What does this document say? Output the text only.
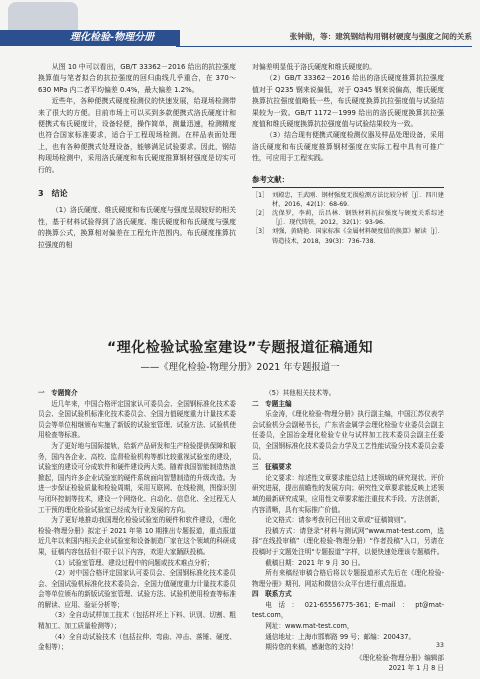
理化检验-物理分册	张钟勋，等：建筑钢结构用钢材硬度与强度之间的关系

从图 10 中可以看出，GB/T 33362－2016 给出的抗拉强度换算值与笔者拟合的抗拉强度的回归曲线几乎重合，在 370～630 MPa 内二者平均偏差 0.4%，最大偏差 1.2%。

近些年，各种便携式硬度检测仪的快速发展，给现场检测带来了很大的方便。目前市场上可以买到多款便携式洛氏硬度计和便携式布氏硬度计，设备轻便，操作简单，测量迅速，检测精度也符合国家标准要求，适合于工程现场检测。在样品表面处理上，也有各种便携式处理设备，能够满足试验要求。因此，钢结构现场检测中，采用洛氏硬度和布氏硬度推算钢材强度是切实可行的。

3　结论

（1）洛氏硬度、维氏硬度和布氏硬度与强度呈现较好的相关性，基于材料试验得到了洛氏硬度、维氏硬度和布氏硬度与强度的换算公式，换算相对偏差在工程允许范围内。布氏硬度推算抗拉强度的相

对偏差明显低于洛氏硬度和维氏硬度的。

（2）GB/T 33362－2016 给出的洛氏硬度推算抗拉强度值对于 Q235 钢来说偏低，对于 Q345 钢来说偏高，维氏硬度换算抗拉强度值略低一些，布氏硬度换算抗拉强度值与试验结果较为一致。GB/T 1172－1999 给出的洛氏硬度换算抗拉强度值和维氏硬度换算抗拉强度值与试验结果较为一致。

（3）结合现有便携式硬度检测仪器及样品处理设备，采用洛氏硬度和布氏硬度推算钢材强度在实际工程中具有可推广性，可应用于工程实践。

参考文献：
［1］ 刘殿忠，王武刚．钢材强度无损检测方法比较分析［J］．四川建材，2016，42(1)：68-69．
［2］ 沈保罗，李莉，岳昌林．钢铁材料抗拉强度与硬度关系综述［J］．现代铸铁，2012，32(1)：93-96．
［3］ 刘强，黄晓艳．国家标准《金属材料硬度值的换算》解读［J］．铸造技术，2018，39(3)：736-738．
“理化检验试验室建设”专题报道征稿通知
——《理化检验-物理分册》2021 年专题报道一
一　专题简介
近几年来，中国合格评定国家认可委员会、全国钢标准化技术委员会、全国试验机标准化技术委员会、全国力值硬度重力计量技术委员会等单位相继颁布实施了新版的试验室管理、试验方法、试验机使用检查等标准。
为了更好地与国际接轨，给新产品研发和生产检验提供保障和服务，国内各企业、高校、监督检验机构等都比较重视试验室的建设，试验室的建设可分成软件和硬件建设两大类。随着我国智能制造热浪掀起，国内许多企业试验室的硬件系统面向智慧制造的升级改造。为进一步保证检验质量和检验周期，采用互联网、在线检测，图像识别与闭环控制等技术，建设一个网络化、自动化、信息化、全过程无人工干预的理化检验试验室已经成为行业发展的方向。
为了更好地推动我国理化检验试验室的硬件和软件建设，《理化检验-物理分册》拟定于 2021 年第 10 期推出专题报道，重点报道近几年以来国内相关企业试验室和设备制造厂家在这个领域的科研成果，征稿内容包括但不限于以下内容，欢迎大家踊跃投稿。
（1）试验室管理、建设过程中的问题或技术难点分析；
（2）对中国合格评定国家认可委员会、全国钢标准化技术委员会、全国试验机标准化技术委员会、全国力值硬度重力计量技术委员会等单位颁布的新版试验室管理、试验方法、试验机使用检查等标准的解读、应用、验证分析等；
（3）全自动试样加工技术（包括样坯上下料、识别、切割、粗精加工、加工质量检测等）；
（4）全自动试验技术（包括拉伸、弯曲、冲击、落锤、硬度、金相等）；
（5）其他相关技术等。
二　专题主编
乐金涛，《理化检验-物理分册》执行副主编，中国江苏仪表学会试验机分会副秘书长，广东省金属学会理化检验专业委员会副主任委员，全国冶金理化检验专业与试样加工技术委员会副主任委员，全国钢标准化技术委员会力学及工艺性能试验分技术委员会委员。
三　征稿要求
论文要求：综述性文章要求能总结上述领域的研究现状、评价研究进展，提出前瞻性的发展方向；研究性文章要求能反映上述领域的最新研究成果，应用性文章要求能注重技术手段、方法创新，内容清晰，具有实际推广价值。
论文格式：请参考我刊已刊出文章或“征稿简则”。
投稿方式：请登录“材料与测试网”www.mat-test.com，选择“在线投审稿”（理化检验-物理分册）“作者投稿”入口，另请在投稿时于文题处注明“专题报道”字样，以便快速处理该专题稿件。
截稿日期：2021 年 9 月 30 日。
所有来稿经审稿合格后将以专题报道形式先后在《理化检验-物理分册》期刊、网站和微信公众平台进行重点报道。
四　联系方式
电话：021-65556775-361；E-mail：pt@mat-test.com，
网址：www.mat-test.com，
通信地址：上海市邯郸路 99 号；邮编：200437。
期待您的来稿，感谢您的支持！
《理化检验-物理分册》编辑部
2021 年 1 月 8 日
33
